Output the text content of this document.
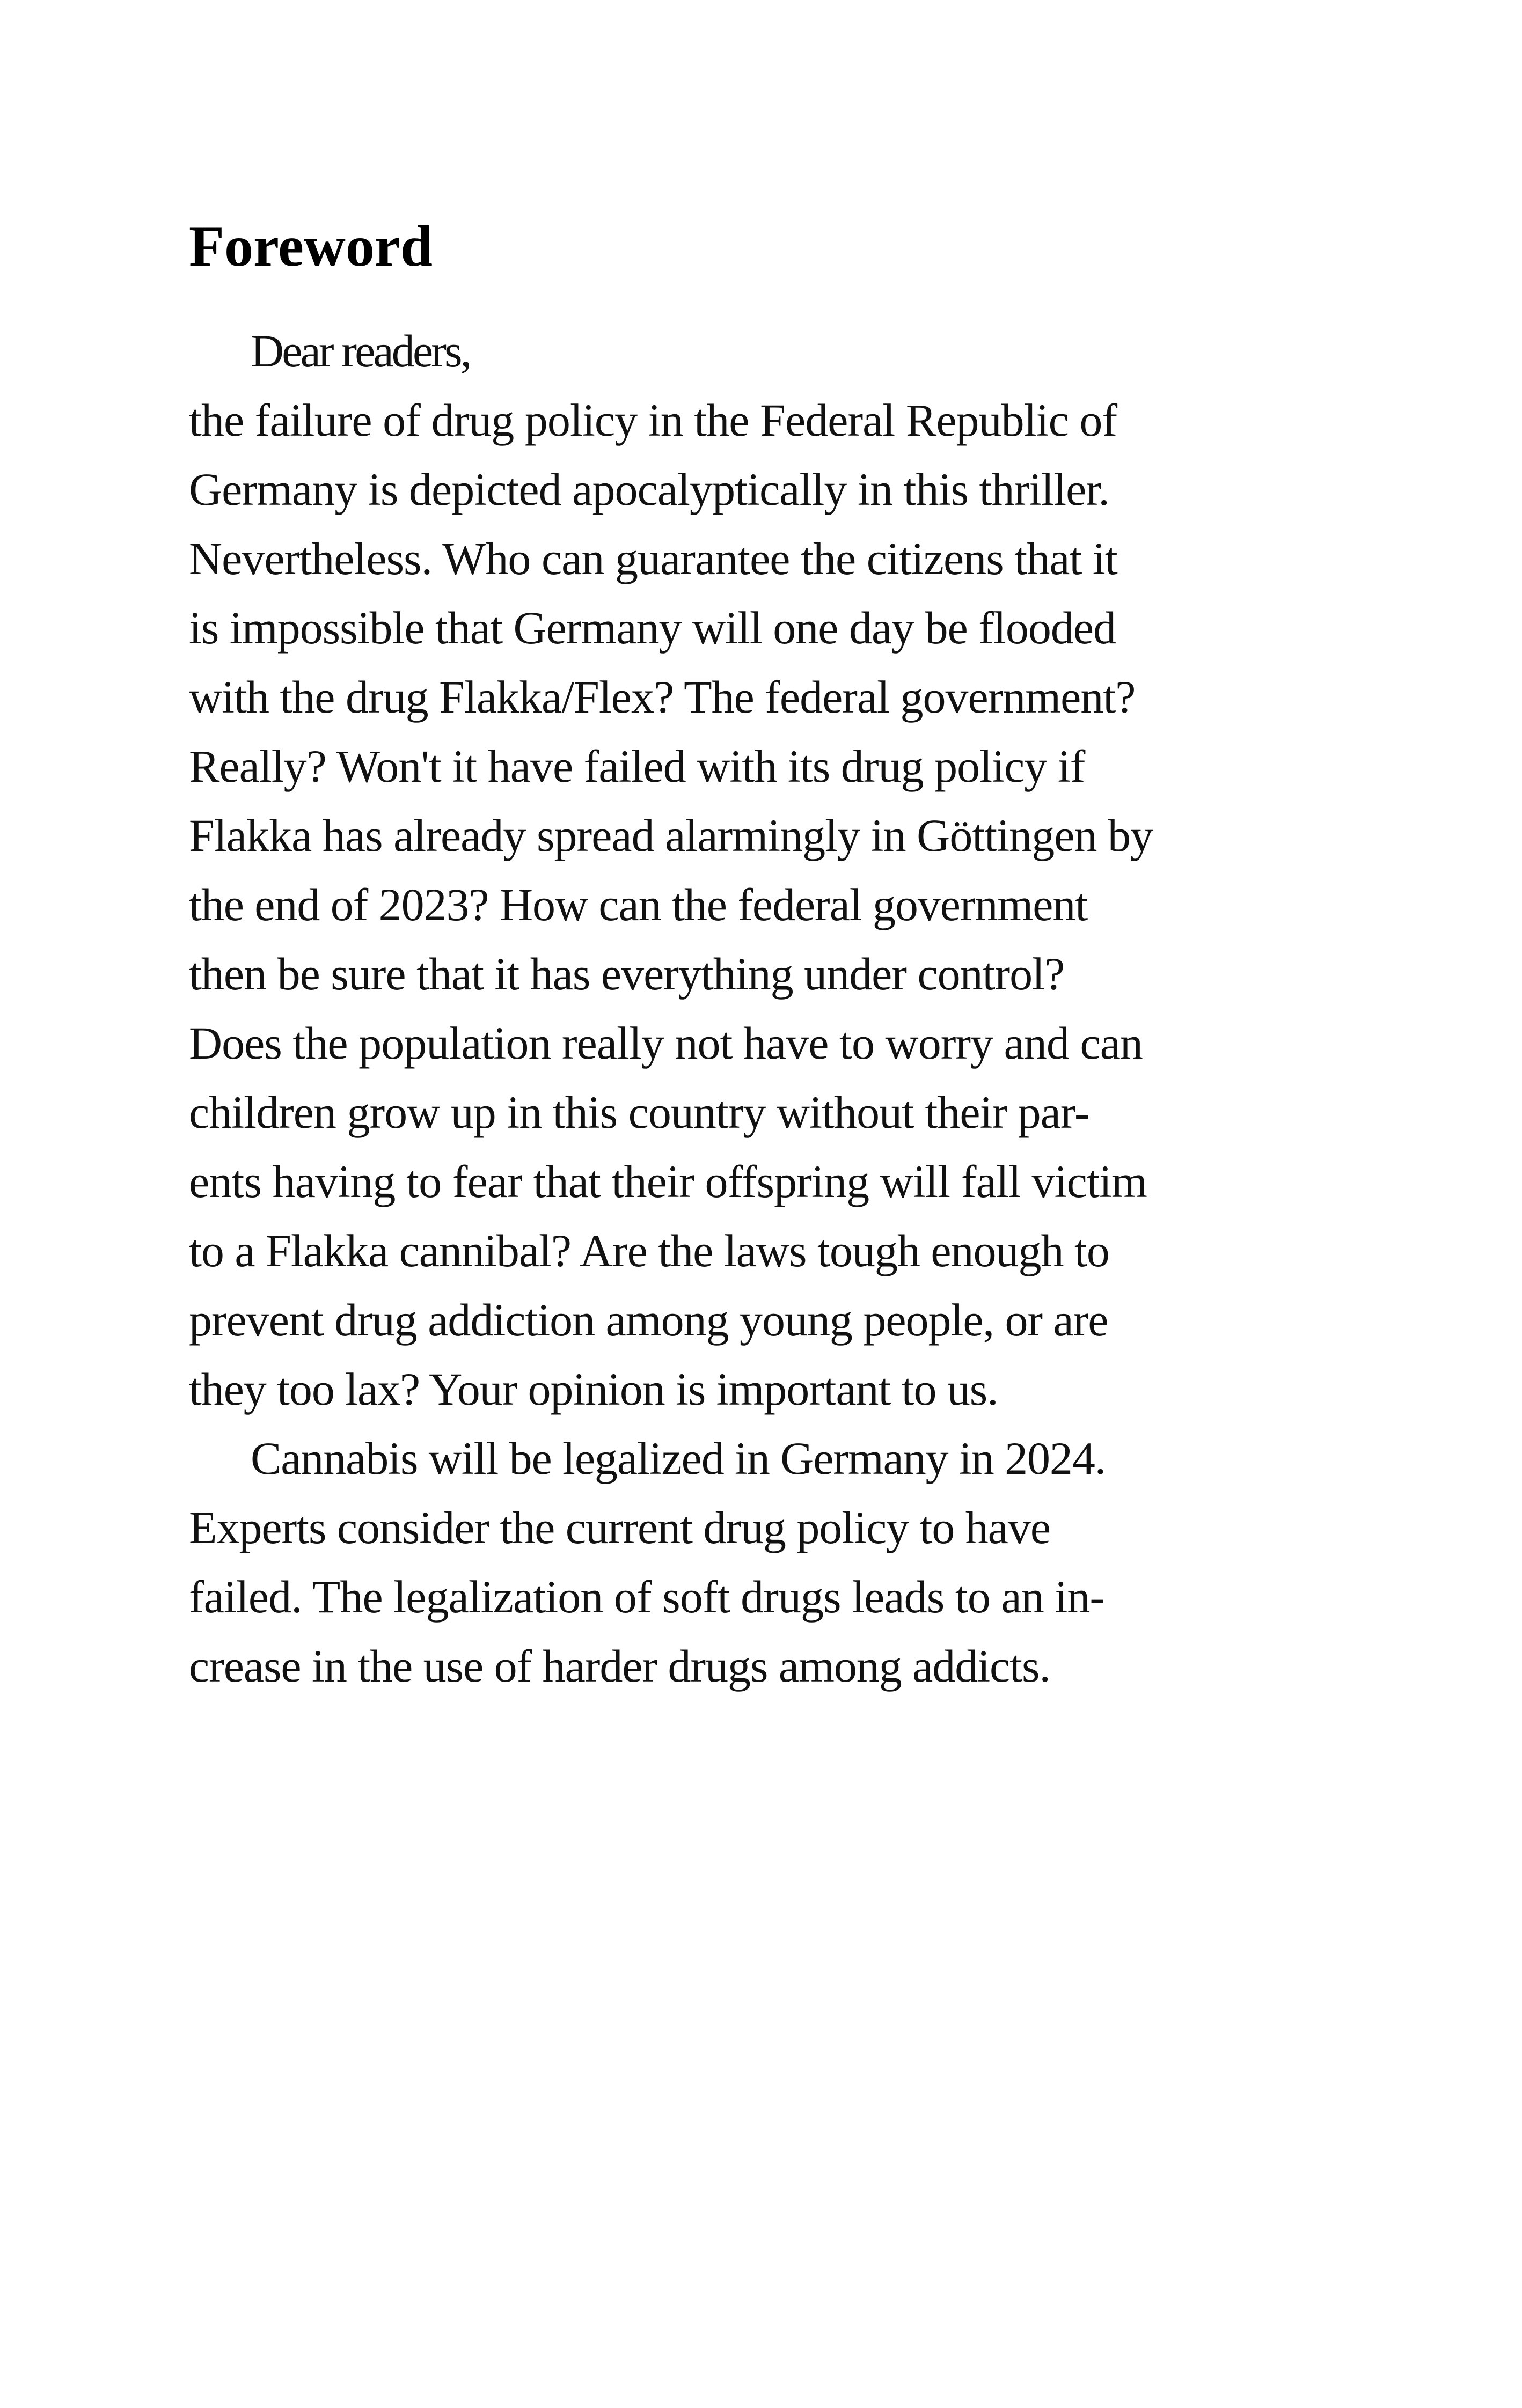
Foreword
Dear readers,
the failure of drug policy in the Federal Republic of
Germany is depicted apocalyptically in this thriller.
Nevertheless. Who can guarantee the citizens that it
is impossible that Germany will one day be flooded
with the drug Flakka/Flex? The federal government?
Really? Won't it have failed with its drug policy if
Flakka has already spread alarmingly in Göttingen by
the end of 2023? How can the federal government
then be sure that it has everything under control?
Does the population really not have to worry and can
children grow up in this country without their par-
ents having to fear that their offspring will fall victim
to a Flakka cannibal? Are the laws tough enough to
prevent drug addiction among young people, or are
they too lax? Your opinion is important to us.
Cannabis will be legalized in Germany in 2024.
Experts consider the current drug policy to have
failed. The legalization of soft drugs leads to an in-
crease in the use of harder drugs among addicts.
